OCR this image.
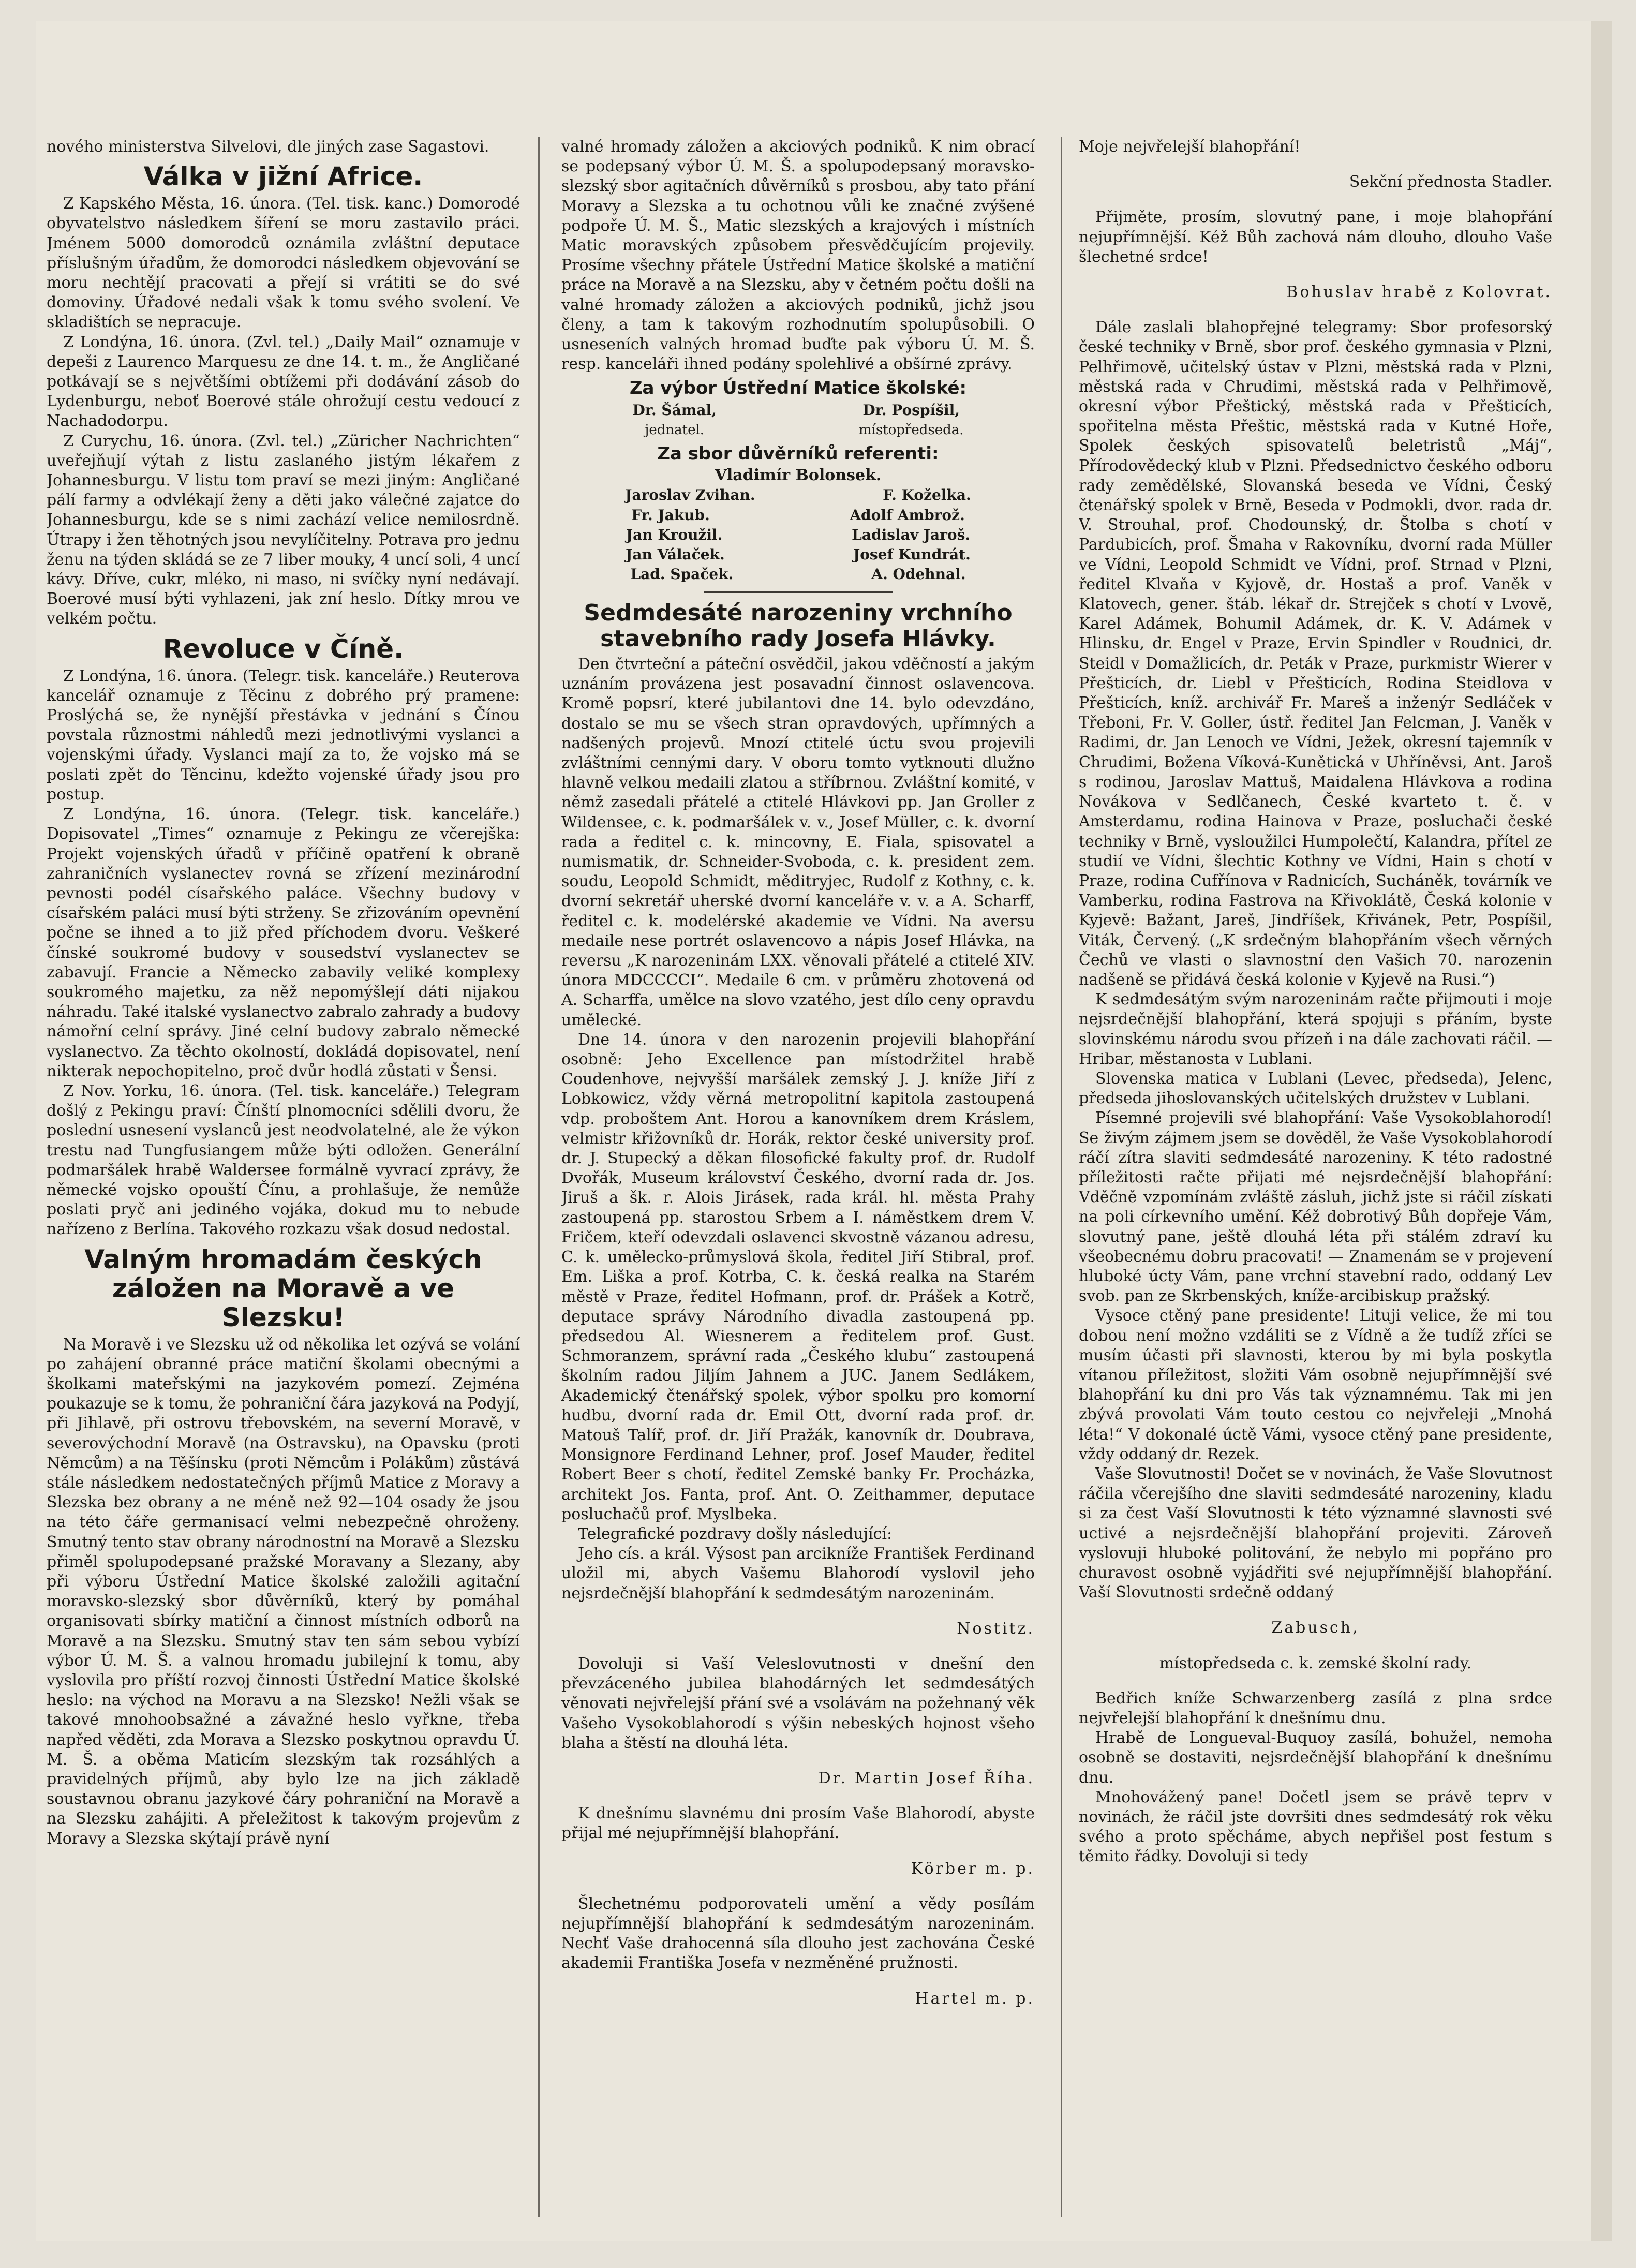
nového ministerstva Silvelovi, dle jiných zase Sagastovi.

Válka v jižní Africe.

Z Kapského Města, 16. února. (Tel. tisk. kanc.) Domorodé obyvatelstvo následkem šíření se moru zastavilo práci. Jménem 5000 domorodců oznámila zvláštní deputace příslušným úřadům, že domorodci následkem objevování se moru nechtějí pracovati a přejí si vrátiti se do své domoviny. Úřadové nedali však k tomu svého svolení. Ve skladištích se nepracuje.

Z Londýna, 16. února. (Zvl. tel.) „Daily Mail“ oznamuje v depeši z Laurenco Marquesu ze dne 14. t. m., že Angličané potkávají se s největšími obtížemi při dodávání zásob do Lydenburgu, neboť Boerové stále ohrožují cestu vedoucí z Nachadodorpu.

Z Curychu, 16. února. (Zvl. tel.) „Züricher Nachrichten“ uveřejňují výtah z listu zaslaného jistým lékařem z Johannesburgu. V listu tom praví se mezi jiným: Angličané pálí farmy a odvlékají ženy a děti jako válečné zajatce do Johannesburgu, kde se s nimi zachází velice nemilosrdně. Útrapy i žen těhotných jsou nevylíčitelny. Potrava pro jednu ženu na týden skládá se ze 7 liber mouky, 4 uncí soli, 4 uncí kávy. Dříve, cukr, mléko, ni maso, ni svíčky nyní nedávají. Boerové musí býti vyhlazeni, jak zní heslo. Dítky mrou ve velkém počtu.

Revoluce v Číně.

Z Londýna, 16. února. (Telegr. tisk. kanceláře.) Reuterova kancelář oznamuje z Těcinu z dobrého prý pramene: Proslýchá se, že nynější přestávka v jednání s Čínou povstala různostmi náhledů mezi jednotlivými vyslanci a vojenskými úřady. Vyslanci mají za to, že vojsko má se poslati zpět do Těncinu, kdežto vojenské úřady jsou pro postup.

Z Londýna, 16. února. (Telegr. tisk. kanceláře.) Dopisovatel „Times“ oznamuje z Pekingu ze včerejška: Projekt vojenských úřadů v příčině opatření k obraně zahraničních vyslanectev rovná se zřízení mezinárodní pevnosti podél císařského paláce. Všechny budovy v císařském paláci musí býti strženy. Se zřizováním opevnění počne se ihned a to již před příchodem dvoru. Veškeré čínské soukromé budovy v sousedství vyslanectev se zabavují. Francie a Německo zabavily veliké komplexy soukromého majetku, za něž nepomýšlejí dáti nijakou náhradu. Také italské vyslanectvo zabralo zahrady a budovy námořní celní správy. Jiné celní budovy zabralo německé vyslanectvo. Za těchto okolností, dokládá dopisovatel, není nikterak nepochopitelno, proč dvůr hodlá zůstati v Šensi.

Z Nov. Yorku, 16. února. (Tel. tisk. kanceláře.) Telegram došlý z Pekingu praví: Čínští plnomocníci sdělili dvoru, že poslední usnesení vyslanců jest neodvolatelné, ale že výkon trestu nad Tungfusiangem může býti odložen. Generální podmaršálek hrabě Waldersee formálně vyvrací zprávy, že německé vojsko opouští Čínu, a prohlašuje, že nemůže poslati pryč ani jediného vojáka, dokud mu to nebude nařízeno z Berlína. Takového rozkazu však dosud nedostal.

Valným hromadám českých záložen na Moravě a ve Slezsku!

Na Moravě i ve Slezsku už od několika let ozývá se volání po zahájení obranné práce matiční školami obecnými a školkami mateřskými na jazykovém pomezí. Zejména poukazuje se k tomu, že pohraniční čára jazyková na Podyjí, při Jihlavě, při ostrovu třebovském, na severní Moravě, v severovýchodní Moravě (na Ostravsku), na Opavsku (proti Němcům) a na Těšínsku (proti Němcům i Polákům) zůstává stále následkem nedostatečných příjmů Matice z Moravy a Slezska bez obrany a ne méně než 92—104 osady že jsou na této čáře germanisací velmi nebezpečně ohroženy. Smutný tento stav obrany národnostní na Moravě a Slezsku přiměl spolupodepsané pražské Moravany a Slezany, aby při výboru Ústřední Matice školské založili agitační moravsko-slezský sbor důvěrníků, který by pomáhal organisovati sbírky matiční a činnost místních odborů na Moravě a na Slezsku. Smutný stav ten sám sebou vybízí výbor Ú. M. Š. a valnou hromadu jubilejní k tomu, aby vyslovila pro příští rozvoj činnosti Ústřední Matice školské heslo: na východ na Moravu a na Slezsko! Nežli však se takové mnohoobsažné a závažné heslo vyřkne, třeba napřed věděti, zda Morava a Slezsko poskytnou opravdu Ú. M. Š. a oběma Maticím slezským tak rozsáhlých a pravidelných příjmů, aby bylo lze na jich základě soustavnou obranu jazykové čáry pohraniční na Moravě a na Slezsku zahájiti. A přeležitost k takovým projevům z Moravy a Slezska skýtají právě nyní

valné hromady záložen a akciových podniků. K nim obrací se podepsaný výbor Ú. M. Š. a spolupodepsaný moravsko-slezský sbor agitačních důvěrníků s prosbou, aby tato přání Moravy a Slezska a tu ochotnou vůli ke značné zvýšené podpoře Ú. M. Š., Matic slezských a krajových i místních Matic moravských způsobem přesvědčujícím projevily. Prosíme všechny přátele Ústřední Matice školské a matiční práce na Moravě a na Slezsku, aby v četném počtu došli na valné hromady záložen a akciových podniků, jichž jsou členy, a tam k takovým rozhodnutím spolupůsobili. O usneseních valných hromad buďte pak výboru Ú. M. Š. resp. kanceláři ihned podány spolehlivé a obšírné zprávy.

Za výbor Ústřední Matice školské:
Dr. Šámal,
jednatel.
Dr. Pospíšil,
místopředseda.
Za sbor důvěrníků referenti:
Vladimír Bolonsek.
Jaroslav Zvihan.	F. Koželka.
Fr. Jakub.	Adolf Ambrož.
Jan Kroužil.	Ladislav Jaroš.
Jan Válaček.	Josef Kundrát.
Lad. Spaček.	A. Odehnal.
Sedmdesáté narozeniny vrchního stavebního rady Josefa Hlávky.

Den čtvrteční a páteční osvědčil, jakou vděčností a jakým uznáním provázena jest posavadní činnost oslavencova. Kromě popsrí, které jubilantovi dne 14. bylo odevzdáno, dostalo se mu se všech stran opravdových, upřímných a nadšených projevů. Mnozí ctitelé úctu svou projevili zvláštními cennými dary. V oboru tomto vytknouti dlužno hlavně velkou medaili zlatou a stříbrnou. Zvláštní komité, v němž zasedali přátelé a ctitelé Hlávkovi pp. Jan Groller z Wildensee, c. k. podmaršálek v. v., Josef Müller, c. k. dvorní rada a ředitel c. k. mincovny, E. Fiala, spisovatel a numismatik, dr. Schneider-Svoboda, c. k. president zem. soudu, Leopold Schmidt, měditryjec, Rudolf z Kothny, c. k. dvorní sekretář uherské dvorní kanceláře v. v. a A. Scharff, ředitel c. k. modelérské akademie ve Vídni. Na aversu medaile nese portrét oslavencovo a nápis Josef Hlávka, na reversu „K narozeninám LXX. věnovali přátelé a ctitelé XIV. února MDCCCCI“. Medaile 6 cm. v průměru zhotovená od A. Scharffa, umělce na slovo vzatého, jest dílo ceny opravdu umělecké.

Dne 14. února v den narozenin projevili blahopřání osobně: Jeho Excellence pan místodržitel hrabě Coudenhove, nejvyšší maršálek zemský J. J. kníže Jiří z Lobkowicz, vždy věrná metropolitní kapitola zastoupená vdp. proboštem Ant. Horou a kanovníkem drem Kráslem, velmistr křižovníků dr. Horák, rektor české university prof. dr. J. Stupecký a děkan filosofické fakulty prof. dr. Rudolf Dvořák, Museum království Českého, dvorní rada dr. Jos. Jiruš a šk. r. Alois Jirásek, rada král. hl. města Prahy zastoupená pp. starostou Srbem a I. náměstkem drem V. Fričem, kteří odevzdali oslavenci skvostně vázanou adresu, C. k. umělecko-průmyslová škola, ředitel Jiří Stibral, prof. Em. Liška a prof. Kotrba, C. k. česká realka na Starém městě v Praze, ředitel Hofmann, prof. dr. Prášek a Kotrč, deputace správy Národního divadla zastoupená pp. předsedou Al. Wiesnerem a ředitelem prof. Gust. Schmoranzem, správní rada „Českého klubu“ zastoupená školním radou Jiljím Jahnem a JUC. Janem Sedlákem, Akademický čtenářský spolek, výbor spolku pro komorní hudbu, dvorní rada dr. Emil Ott, dvorní rada prof. dr. Matouš Talíř, prof. dr. Jiří Pražák, kanovník dr. Doubrava, Monsignore Ferdinand Lehner, prof. Josef Mauder, ředitel Robert Beer s chotí, ředitel Zemské banky Fr. Procházka, architekt Jos. Fanta, prof. Ant. O. Zeithammer, deputace posluchačů prof. Myslbeka.

Telegrafické pozdravy došly následující:

Jeho cís. a král. Výsost pan arcikníže František Ferdinand uložil mi, abych Vašemu Blahorodí vyslovil jeho nejsrdečnější blahopřání k sedmdesátým narozeninám.

Nostitz.

Dovoluji si Vaší Veleslovutnosti v dnešní den převzáceného jubilea blahodárných let sedmdesátých věnovati nejvřelejší přání své a vsolávám na požehnaný věk Vašeho Vysokoblahorodí s výšin nebeských hojnost všeho blaha a štěstí na dlouhá léta.

Dr. Martin Josef Říha.

K dnešnímu slavnému dni prosím Vaše Blahorodí, abyste přijal mé nejupřímnější blahopřání.

Körber m. p.

Šlechetnému podporovateli umění a vědy posílám nejupřímnější blahopřání k sedmdesátým narozeninám. Nechť Vaše drahocenná síla dlouho jest zachována České akademii Františka Josefa v nezměněné pružnosti.

Hartel m. p.

Moje nejvřelejší blahopřání!

Sekční přednosta Stadler.

Přijměte, prosím, slovutný pane, i moje blahopřání nejupřímnější. Kéž Bůh zachová nám dlouho, dlouho Vaše šlechetné srdce!

Bohuslav hrabě z Kolovrat.

Dále zaslali blahopřejné telegramy: Sbor profesorský české techniky v Brně, sbor prof. českého gymnasia v Plzni, Pelhřimově, učitelský ústav v Plzni, městská rada v Plzni, městská rada v Chrudimi, městská rada v Pelhřimově, okresní výbor Přeštický, městská rada v Přešticích, spořitelna města Přeštic, městská rada v Kutné Hoře, Spolek českých spisovatelů beletristů „Máj“, Přírodovědecký klub v Plzni. Předsednictvo českého odboru rady zemědělské, Slovanská beseda ve Vídni, Český čtenářský spolek v Brně, Beseda v Podmokli, dvor. rada dr. V. Strouhal, prof. Chodounský, dr. Štolba s chotí v Pardubicích, prof. Šmaha v Rakovníku, dvorní rada Müller ve Vídni, Leopold Schmidt ve Vídni, prof. Strnad v Plzni, ředitel Klvaňa v Kyjově, dr. Hostaš a prof. Vaněk v Klatovech, gener. štáb. lékař dr. Strejček s chotí v Lvově, Karel Adámek, Bohumil Adámek, dr. K. V. Adámek v Hlinsku, dr. Engel v Praze, Ervin Spindler v Roudnici, dr. Steidl v Domažlicích, dr. Peták v Praze, purkmistr Wierer v Přešticích, dr. Liebl v Přešticích, Rodina Steidlova v Přešticích, kníž. archivář Fr. Mareš a inženýr Sedláček v Třeboni, Fr. V. Goller, ústř. ředitel Jan Felcman, J. Vaněk v Radimi, dr. Jan Lenoch ve Vídni, Ježek, okresní tajemník v Chrudimi, Božena Víková-Kunětická v Uhříněvsi, Ant. Jaroš s rodinou, Jaroslav Mattuš, Maidalena Hlávkova a rodina Novákova v Sedlčanech, České kvarteto t. č. v Amsterdamu, rodina Hainova v Praze, posluchači české techniky v Brně, vysloužilci Humpolečtí, Kalandra, přítel ze studií ve Vídni, šlechtic Kothny ve Vídni, Hain s chotí v Praze, rodina Cufřínova v Radnicích, Sucháněk, továrník ve Vamberku, rodina Fastrova na Křivoklátě, Česká kolonie v Kyjevě: Bažant, Jareš, Jindříšek, Křivánek, Petr, Pospíšil, Viták, Červený. („K srdečným blahopřáním všech věrných Čechů ve vlasti o slavnostní den Vašich 70. narozenin nadšeně se přidává česká kolonie v Kyjevě na Rusi.“)

K sedmdesátým svým narozeninám račte přijmouti i moje nejsrdečnější blahopřání, která spojuji s přáním, byste slovinskému národu svou přízeň i na dále zachovati ráčil. — Hribar, městanosta v Lublani.

Slovenska matica v Lublani (Levec, předseda), Jelenc, předseda jihoslovanských učitelských družstev v Lublani.

Písemné projevili své blahopřání: Vaše Vysokoblahorodí! Se živým zájmem jsem se dověděl, že Vaše Vysokoblahorodí ráčí zítra slaviti sedmdesáté narozeniny. K této radostné příležitosti račte přijati mé nejsrdečnější blahopřání: Vděčně vzpomínám zvláště zásluh, jichž jste si ráčil získati na poli církevního umění. Kéž dobrotivý Bůh dopřeje Vám, slovutný pane, ještě dlouhá léta při stálém zdraví ku všeobecnému dobru pracovati! — Znamenám se v projevení hluboké úcty Vám, pane vrchní stavební rado, oddaný Lev svob. pan ze Skrbenských, kníže-arcibiskup pražský.

Vysoce ctěný pane presidente! Lituji velice, že mi tou dobou není možno vzdáliti se z Vídně a že tudíž zříci se musím účasti při slavnosti, kterou by mi byla poskytla vítanou příležitost, složiti Vám osobně nejupřímnější své blahopřání ku dni pro Vás tak významnému. Tak mi jen zbývá provolati Vám touto cestou co nejvřeleji „Mnohá léta!“ V dokonalé úctě Vámi, vysoce ctěný pane presidente, vždy oddaný dr. Rezek.

Vaše Slovutnosti! Dočet se v novinách, že Vaše Slovutnost ráčila včerejšího dne slaviti sedmdesáté narozeniny, kladu si za čest Vaší Slovutnosti k této významné slavnosti své uctivé a nejsrdečnější blahopřání projeviti. Zároveň vyslovuji hluboké politování, že nebylo mi popřáno pro churavost osobně vyjádřiti své nejupřímnější blahopřání. Vaší Slovutnosti srdečně oddaný

Zabusch,

místopředseda c. k. zemské školní rady.

Bedřich kníže Schwarzenberg zasílá z plna srdce nejvřelejší blahopřání k dnešnímu dnu.

Hrabě de Longueval-Buquoy zasílá, bohužel, nemoha osobně se dostaviti, nejsrdečnější blahopřání k dnešnímu dnu.

Mnohovážený pane! Dočetl jsem se právě teprv v novinách, že ráčil jste dovršiti dnes sedmdesátý rok věku svého a proto spěcháme, abych nepřišel post festum s těmito řádky. Dovoluji si tedy
